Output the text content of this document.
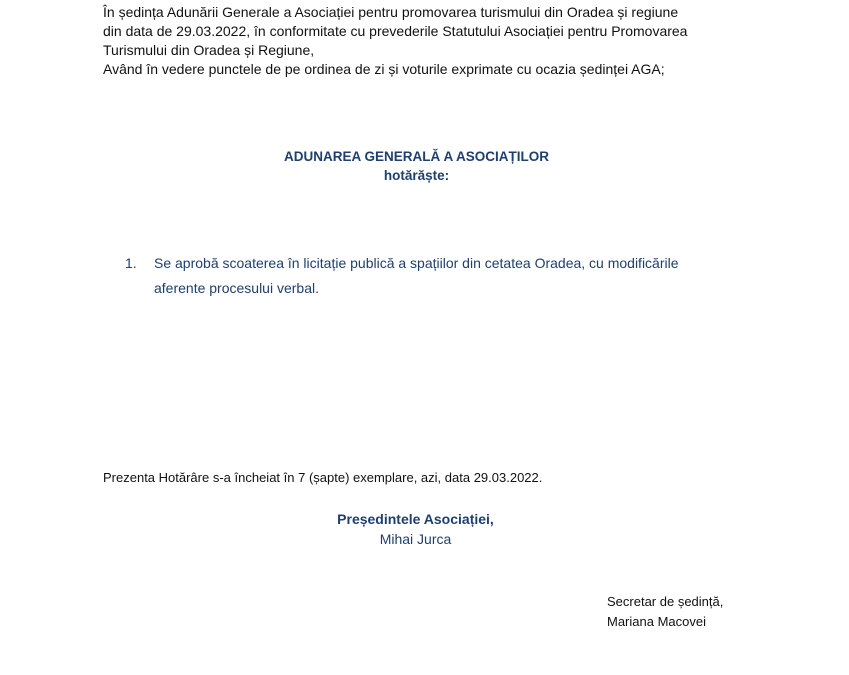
În ședința Adunării Generale a Asociației pentru promovarea turismului din Oradea și regiune

din data de 29.03.2022, în conformitate cu prevederile Statutului Asociației pentru Promovarea

Turismului din Oradea și Regiune,

Având în vedere punctele de pe ordinea de zi și voturile exprimate cu ocazia ședinței AGA;

ADUNAREA GENERALĂ A ASOCIAȚILOR
hotărăște:
1.	Se aprobă scoaterea în licitație publică a spațiilor din cetatea Oradea, cu modificările
aferente procesului verbal.
Prezenta Hotărâre s-a încheiat în 7 (șapte) exemplare, azi, data 29.03.2022.
Președintele Asociației,
Mihai Jurca
Secretar de ședință,
Mariana Macovei
